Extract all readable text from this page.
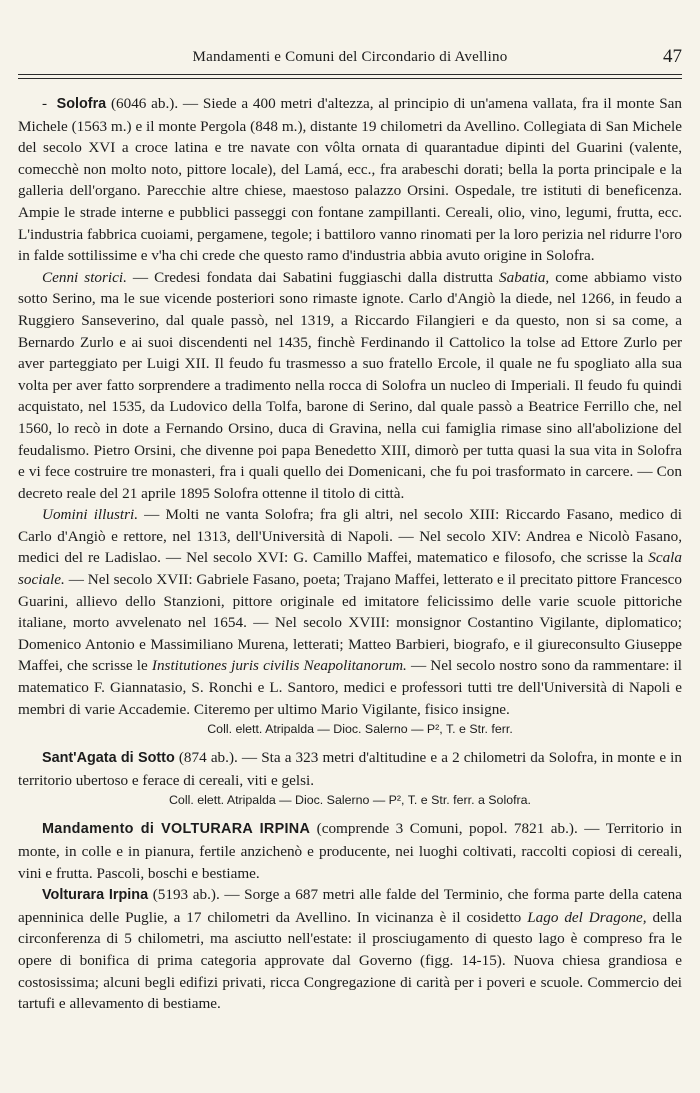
Mandamenti e Comuni del Circondario di Avellino	47

- Solofra (6046 ab.). — Siede a 400 metri d'altezza, al principio di un'amena vallata, fra il monte San Michele (1563 m.) e il monte Pergola (848 m.), distante 19 chilometri da Avellino. Collegiata di San Michele del secolo XVI a croce latina e tre navate con vôlta ornata di quarantadue dipinti del Guarini (valente, comecchè non molto noto, pittore locale), del Lamá, ecc., fra arabeschi dorati; bella la porta principale e la galleria dell'organo. Parecchie altre chiese, maestoso palazzo Orsini. Ospedale, tre istituti di beneficenza. Ampie le strade interne e pubblici passeggi con fontane zampillanti. Cereali, olio, vino, legumi, frutta, ecc. L'industria fabbrica cuoiami, pergamene, tegole; i battiloro vanno rinomati per la loro perizia nel ridurre l'oro in falde sottilissime e v'ha chi crede che questo ramo d'industria abbia avuto origine in Solofra.

Cenni storici. — Credesi fondata dai Sabatini fuggiaschi dalla distrutta Sabatia, come abbiamo visto sotto Serino, ma le sue vicende posteriori sono rimaste ignote. Carlo d'Angiò la diede, nel 1266, in feudo a Ruggiero Sanseverino, dal quale passò, nel 1319, a Riccardo Filangieri e da questo, non si sa come, a Bernardo Zurlo e ai suoi discendenti nel 1435, finchè Ferdinando il Cattolico la tolse ad Ettore Zurlo per aver parteggiato per Luigi XII. Il feudo fu trasmesso a suo fratello Ercole, il quale ne fu spogliato alla sua volta per aver fatto sorprendere a tradimento nella rocca di Solofra un nucleo di Imperiali. Il feudo fu quindi acquistato, nel 1535, da Ludovico della Tolfa, barone di Serino, dal quale passò a Beatrice Ferrillo che, nel 1560, lo recò in dote a Fernando Orsino, duca di Gravina, nella cui famiglia rimase sino all'abolizione del feudalismo. Pietro Orsini, che divenne poi papa Benedetto XIII, dimorò per tutta quasi la sua vita in Solofra e vi fece costruire tre monasteri, fra i quali quello dei Domenicani, che fu poi trasformato in carcere. — Con decreto reale del 21 aprile 1895 Solofra ottenne il titolo di città.

Uomini illustri. — Molti ne vanta Solofra; fra gli altri, nel secolo XIII: Riccardo Fasano, medico di Carlo d'Angiò e rettore, nel 1313, dell'Università di Napoli. — Nel secolo XIV: Andrea e Nicolò Fasano, medici del re Ladislao. — Nel secolo XVI: G. Camillo Maffei, matematico e filosofo, che scrisse la Scala sociale. — Nel secolo XVII: Gabriele Fasano, poeta; Trajano Maffei, letterato e il precitato pittore Francesco Guarini, allievo dello Stanzioni, pittore originale ed imitatore felicissimo delle varie scuole pittoriche italiane, morto avvelenato nel 1654. — Nel secolo XVIII: monsignor Costantino Vigilante, diplomatico; Domenico Antonio e Massimiliano Murena, letterati; Matteo Barbieri, biografo, e il giureconsulto Giuseppe Maffei, che scrisse le Institutiones juris civilis Neapolitanorum. — Nel secolo nostro sono da rammentare: il matematico F. Giannatasio, S. Ronchi e L. Santoro, medici e professori tutti tre dell'Università di Napoli e membri di varie Accademie. Citeremo per ultimo Mario Vigilante, fisico insigne.

Coll. elett. Atripalda — Dioc. Salerno — P², T. e Str. ferr.

Sant'Agata di Sotto (874 ab.). — Sta a 323 metri d'altitudine e a 2 chilometri da Solofra, in monte e in territorio ubertoso e ferace di cereali, viti e gelsi.

Coll. elett. Atripalda — Dioc. Salerno — P², T. e Str. ferr. a Solofra.

Mandamento di VOLTURARA IRPINA (comprende 3 Comuni, popol. 7821 ab.). — Territorio in monte, in colle e in pianura, fertile anzichenò e producente, nei luoghi coltivati, raccolti copiosi di cereali, vini e frutta. Pascoli, boschi e bestiame.

Volturara Irpina (5193 ab.). — Sorge a 687 metri alle falde del Terminio, che forma parte della catena apenninica delle Puglie, a 17 chilometri da Avellino. In vicinanza è il cosidetto Lago del Dragone, della circonferenza di 5 chilometri, ma asciutto nell'estate: il prosciugamento di questo lago è compreso fra le opere di bonifica di prima categoria approvate dal Governo (figg. 14-15). Nuova chiesa grandiosa e costosissima; alcuni begli edifizi privati, ricca Congregazione di carità per i poveri e scuole. Commercio dei tartufi e allevamento di bestiame.
